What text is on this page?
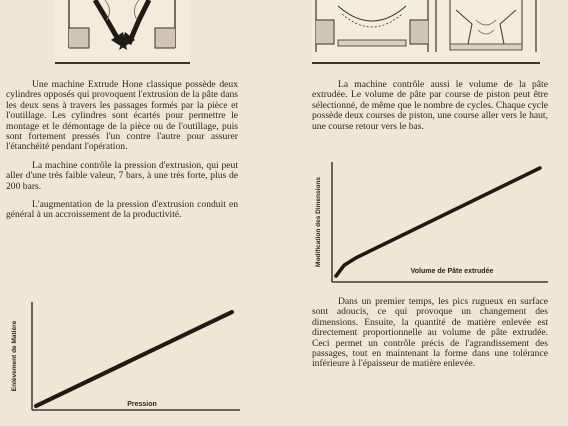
Une machine Extrude Hone classique possède deux cylindres opposés qui provoquent l'extrusion de la pâte dans les deux sens à travers les passages formés par la pièce et l'outillage. Les cylindres sont écartés pour permettre le montage et le démontage de la pièce ou de l'outillage, puis sont fortement pressés l'un contre l'autre pour assurer l'étanchéité pendant l'opération.

La machine contrôle la pression d'extrusion, qui peut aller d'une très faible valeur, 7 bars, à une très forte, plus de 200 bars.

L'augmentation de la pression d'extrusion conduit en général à un accroissement de la productivité.

Enlèvement de Matière
Pression

La machine contrôle aussi le volume de la pâte extrudée. Le volume de pâte par course de piston peut être sélectionné, de même que le nombre de cycles. Chaque cycle possède deux courses de piston, une course aller vers le haut, une course retour vers le bas.

Modification des Dimensions
Volume de Pâte extrudée

Dans un premier temps, les pics rugueux en surface sont adoucis, ce qui provoque un changement des dimensions. Ensuite, la quantité de matière enlevée est directement proportionnelle au volume de pâte extrudée. Ceci permet un contrôle précis de l'agrandissement des passages, tout en maintenant la forme dans une tolérance inférieure à l'épaisseur de matière enlevée.
